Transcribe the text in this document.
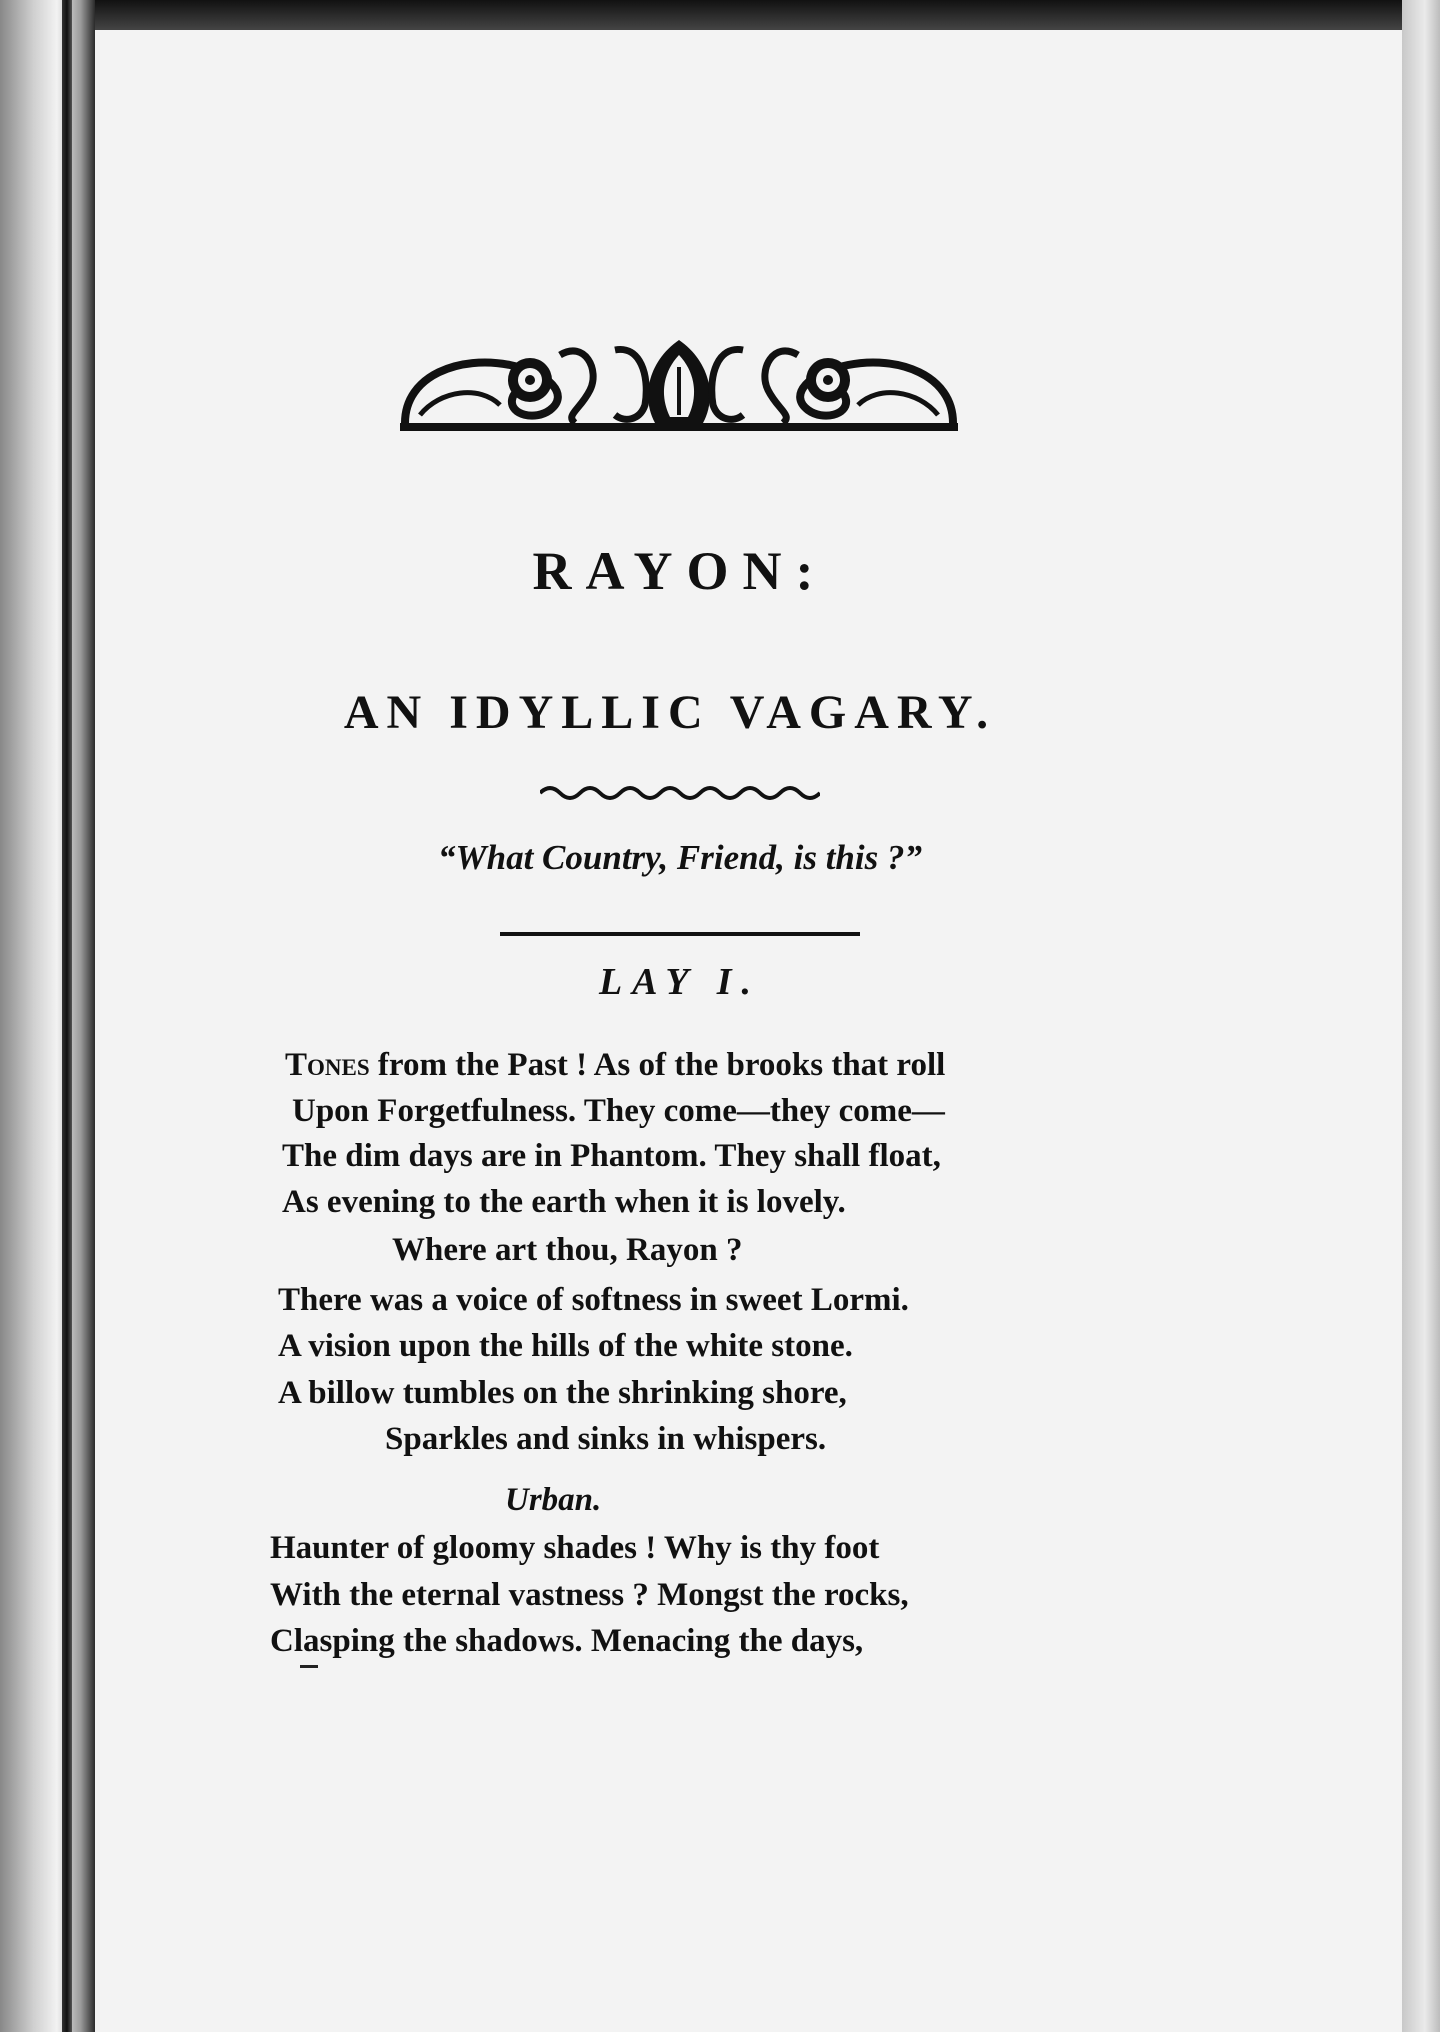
RAYON:
AN IDYLLIC VAGARY.
“What Country, Friend, is this ?”
LAY I.
Tones from the Past ! As of the brooks that roll
Upon Forgetfulness. They come—they come—
The dim days are in Phantom. They shall float,
As evening to the earth when it is lovely.
Where art thou, Rayon ?
There was a voice of softness in sweet Lormi.
A vision upon the hills of the white stone.
A billow tumbles on the shrinking shore,
Sparkles and sinks in whispers.
Urban.
Haunter of gloomy shades ! Why is thy foot
With the eternal vastness ? Mongst the rocks,
Clasping the shadows. Menacing the days,
